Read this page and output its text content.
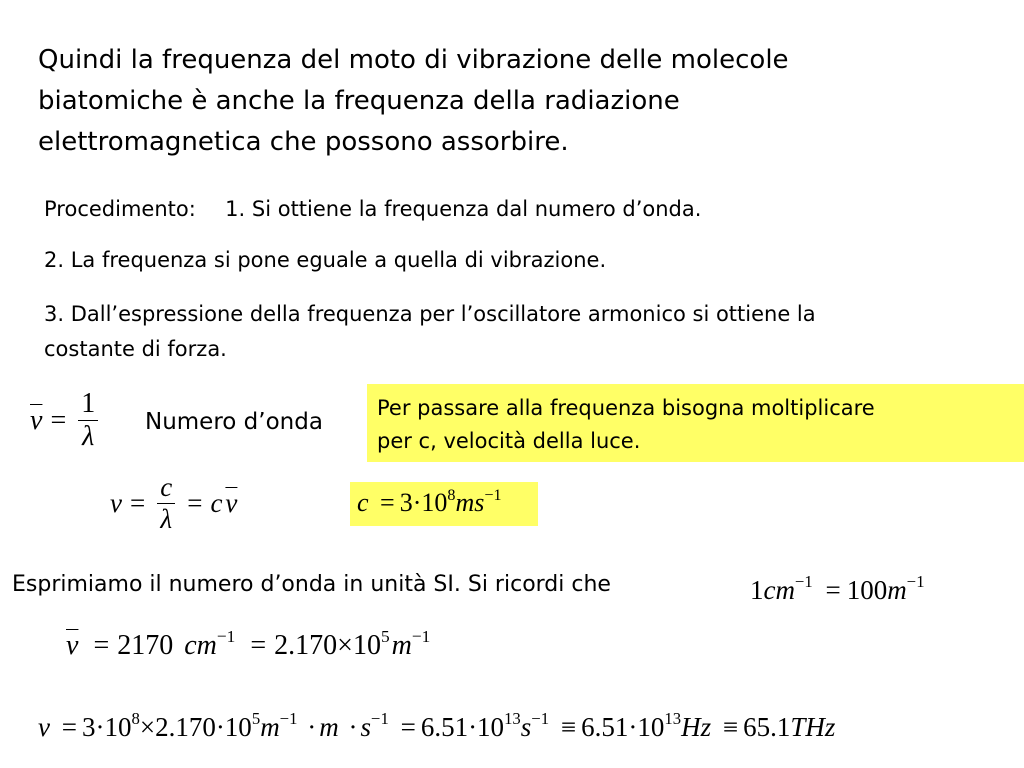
Quindi la frequenza del moto di vibrazione delle molecole
biatomiche è anche la frequenza della radiazione
elettromagnetica che possono assorbire.
Procedimento: 1. Si ottiene la frequenza dal numero d’onda.
2. La frequenza si pone eguale a quella di vibrazione.
3. Dall’espressione della frequenza per l’oscillatore armonico si ottiene la
costante di forza.
$\overline{\nu} = \frac{1}{\lambda}$ Numero d’onda
Per passare alla frequenza bisogna moltiplicare
per c, velocità della luce.
$\nu = \frac{c}{\lambda} = c$ $\overline{\nu}$	$c = 3\cdot 10^8ms^{-1}$
Esprimiamo il numero d’onda in unità SI. Si ricordi che	$1cm^{-1} = 100m^{-1}$
$\overline{\nu} = 2170$ $cm^{-1} = 2.170\times 10^5m^{-1}$
$\nu = 3\cdot 10^8\times 2.170\cdot 10^5m^{-1} \cdot m \cdot s^{-1} = 6.51\cdot 10^{13}s^{-1} \equiv 6.51\cdot 10^{13}Hz \equiv 65.1THz$
